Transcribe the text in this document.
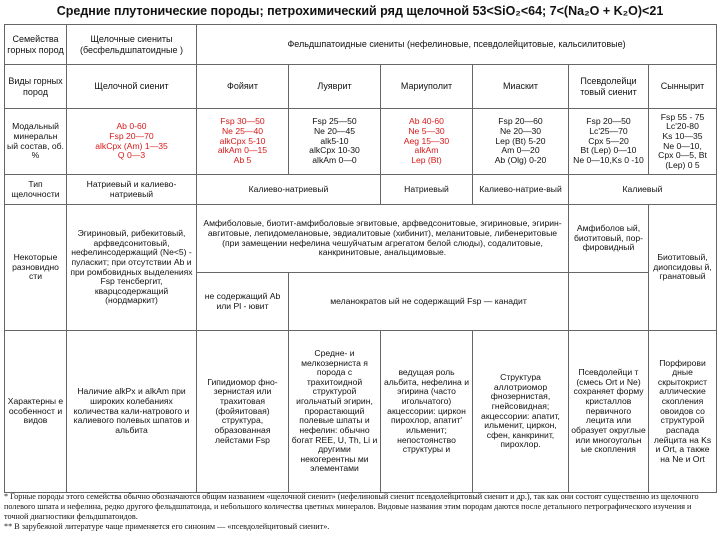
Средние плутонические породы; петрохимический ряд щелочной 53<SiO₂<64; 7<(Na₂O + K₂O)<21
Семейства горных пород	Щелочные сиениты (бесфельдшпатоидные )	Фельдшпатоидные сиениты (нефелиновые, псевдолейцитовые, кальсилитовые)					
Виды горных пород	Щелочной сиенит	Фойяит	Луяврит	Мариуполит	Миаскит	Псевдолейци товый сиенит	Сыннырит
Модальный минеральн ый состав, об. %	Ab 0-60
Fsp 20—70
alkCpx (Am) 1—35
Q 0—3	Fsp 30—50
Ne 25—40
alkCpx 5-10
alkAm 0—15
Ab 5	Fsp 25—50
Ne 20—45
alk5-10
alkCpx 10-30
alkAm 0—0	Ab 40-60
Ne 5—30
Aeg 15—30
alkAm
Lep (Bt)	Fsp 20—60
Ne 20—30
Lep (Bt) 5-20
Am 0—20
Ab (Olg) 0-20	Fsp 20—50
Lc'25—70
Cpx 5—20
Bt (Lep) 0—10
Ne 0—10,Ks 0 -10	Fsp 55 - 75
Lc'20-80
Ks 10—35
Ne 0—10,
Cpx 0—5, Bt (Lep) 0 5
Тип щелочности	Натриевый и калиево-натриевый	Калиево-натриевый		Натриевый	Калиево-натрие-вый	Калиевый	
Некоторые разновидно сти	Эгириновый, рибекитовый, арфведсонитовый, нефелинсодержащий (Ne<5) - пуласкит; при отсутствии Ab и при ромбовидных выделениях Fsp тенсбергит, кварцсодержащий (нордмаркит)	Амфиболовые, биотит-амфиболовые эгвитовые, арфведсонитовые, эгириновые, эгирин-авгитовые, лепидомелановые, эвдиалитовые (хибинит), меланитовые, либенеритовые (при замещении нефелина чешуйчатым агрегатом белой слюды), содалитовые, канкринитовые, анальцимовые.				Амфиболов ый, биотитовый, пор-фировидный	Биотитовый, диопсидовы й, гранатовый
		не содержащий Ab или Pl - ювит	меланократов ый не содержащий Fsp — канадит				
Характерны е особенност и видов	Наличие alkPx и alkAm при широких колебаниях количества кали-натрового и калиевого полевых шпатов и альбита	Гипидиомор фно-зернистая или трахитовая (фойяитовая) структура, образованная лейстами Fsp	Средне- и мелкозерниста я порода с трахитоидной структурой игольчатый эгирин, прорастающий полевые шпаты и нефелин: обычно богат REE, U, Th, Li и другими некогерентны ми элементами	ведущая роль альбита, нефелина и эгирина (часто игольчатого) акцессории: циркон пирохлор, апатит' ильменит; непостоянство структуры и	Структура аллотриомор фнозернистая, гнейсовидная; акцессории: апатит, ильменит, циркон, сфен, канкринит, пирохлор.	Псевдолейци т (смесь Ort и Ne) сохраняет форму кристаллов первичного лецита или образует округлые или многоугольн ые скопления	Порфирови дные скрытокрист аллические скопления овоидов со структурой распада лейцита на Ks и Ort, а также на Ne и Ort

* Горные породы этого семейства обычно обозначаются общим названием «щелочной сиенит» (нефелиновый сиенит псевдолейцитовый сиенит и др.), так как они состоят существенно из щелочного полевого шпата и нефелина, редко другого фельдшпатоида, и небольшого количества цветных минералов. Видовые названия этим породам даются после детального петрографического изучения и точной диагностики фельдшпатоидов.

** В зарубежной литературе чаще применяется его синоним — «псевдолейцитовый сиенит».
